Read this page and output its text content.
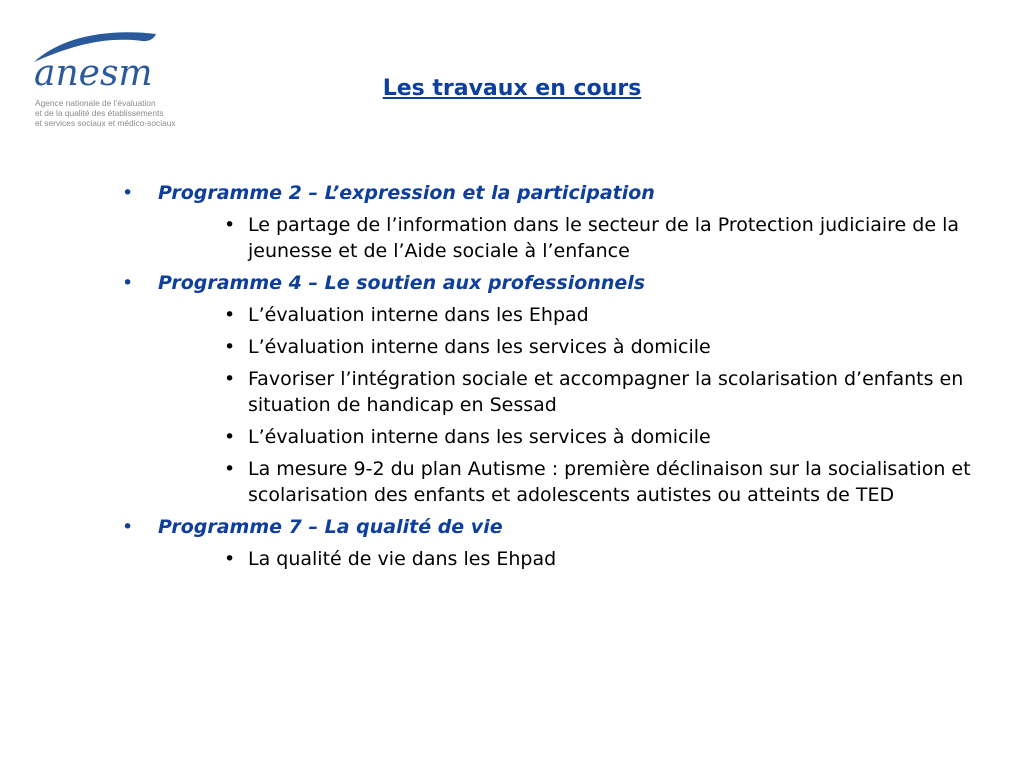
anesm
Agence nationale de l’évaluation
et de la qualité des établissements
et services sociaux et médico-sociaux
Les travaux en cours
• Programme 2 – L’expression et la participation
• Le partage de l’information dans le secteur de la Protection judiciaire de la jeunesse et de l’Aide sociale à l’enfance
• Programme 4 – Le soutien aux professionnels
• L’évaluation interne dans les Ehpad
• L’évaluation interne dans les services à domicile
• Favoriser l’intégration sociale et accompagner la scolarisation d’enfants en situation de handicap en Sessad
• L’évaluation interne dans les services à domicile
• La mesure 9-2 du plan Autisme : première déclinaison sur la socialisation et scolarisation des enfants et adolescents autistes ou atteints de TED
• Programme 7 – La qualité de vie
• La qualité de vie dans les Ehpad
